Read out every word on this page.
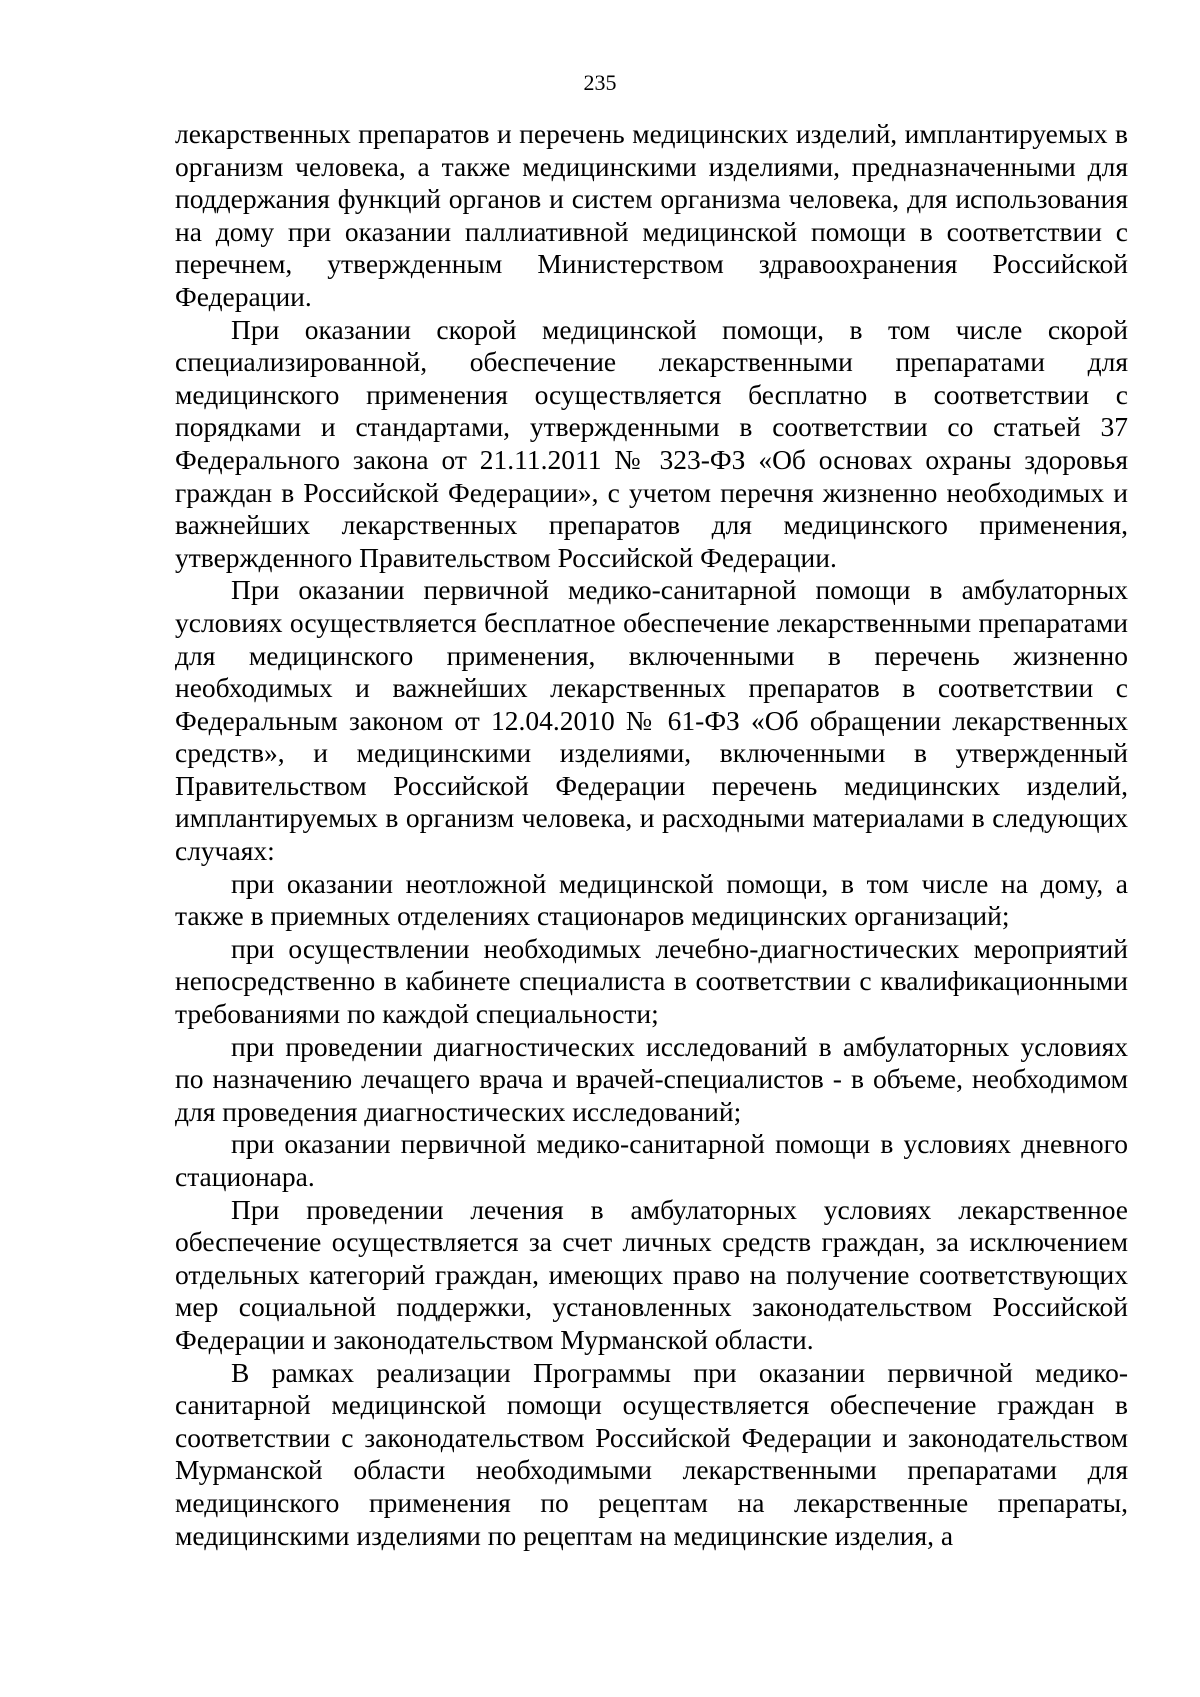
235

лекарственных препаратов и перечень медицинских изделий, имплантируемых в организм человека, а также медицинскими изделиями, предназначенными для поддержания функций органов и систем организма человека, для использования на дому при оказании паллиативной медицинской помощи в соответствии с перечнем, утвержденным Министерством здравоохранения Российской Федерации.

При оказании скорой медицинской помощи, в том числе скорой специализированной, обеспечение лекарственными препаратами для медицинского применения осуществляется бесплатно в соответствии с порядками и стандартами, утвержденными в соответствии со статьей 37 Федерального закона от 21.11.2011 № 323-ФЗ «Об основах охраны здоровья граждан в Российской Федерации», с учетом перечня жизненно необходимых и важнейших лекарственных препаратов для медицинского применения, утвержденного Правительством Российской Федерации.

При оказании первичной медико-санитарной помощи в амбулаторных условиях осуществляется бесплатное обеспечение лекарственными препаратами для медицинского применения, включенными в перечень жизненно необходимых и важнейших лекарственных препаратов в соответствии с Федеральным законом от 12.04.2010 № 61-ФЗ «Об обращении лекарственных средств», и медицинскими изделиями, включенными в утвержденный Правительством Российской Федерации перечень медицинских изделий, имплантируемых в организм человека, и расходными материалами в следующих случаях:

при оказании неотложной медицинской помощи, в том числе на дому, а также в приемных отделениях стационаров медицинских организаций;

при осуществлении необходимых лечебно-диагностических мероприятий непосредственно в кабинете специалиста в соответствии с квалификационными требованиями по каждой специальности;

при проведении диагностических исследований в амбулаторных условиях по назначению лечащего врача и врачей-специалистов - в объеме, необходимом для проведения диагностических исследований;

при оказании первичной медико-санитарной помощи в условиях дневного стационара.

При проведении лечения в амбулаторных условиях лекарственное обеспечение осуществляется за счет личных средств граждан, за исключением отдельных категорий граждан, имеющих право на получение соответствующих мер социальной поддержки, установленных законодательством Российской Федерации и законодательством Мурманской области.

В рамках реализации Программы при оказании первичной медико-санитарной медицинской помощи осуществляется обеспечение граждан в соответствии с законодательством Российской Федерации и законодательством Мурманской области необходимыми лекарственными препаратами для медицинского применения по рецептам на лекарственные препараты, медицинскими изделиями по рецептам на медицинские изделия, а
